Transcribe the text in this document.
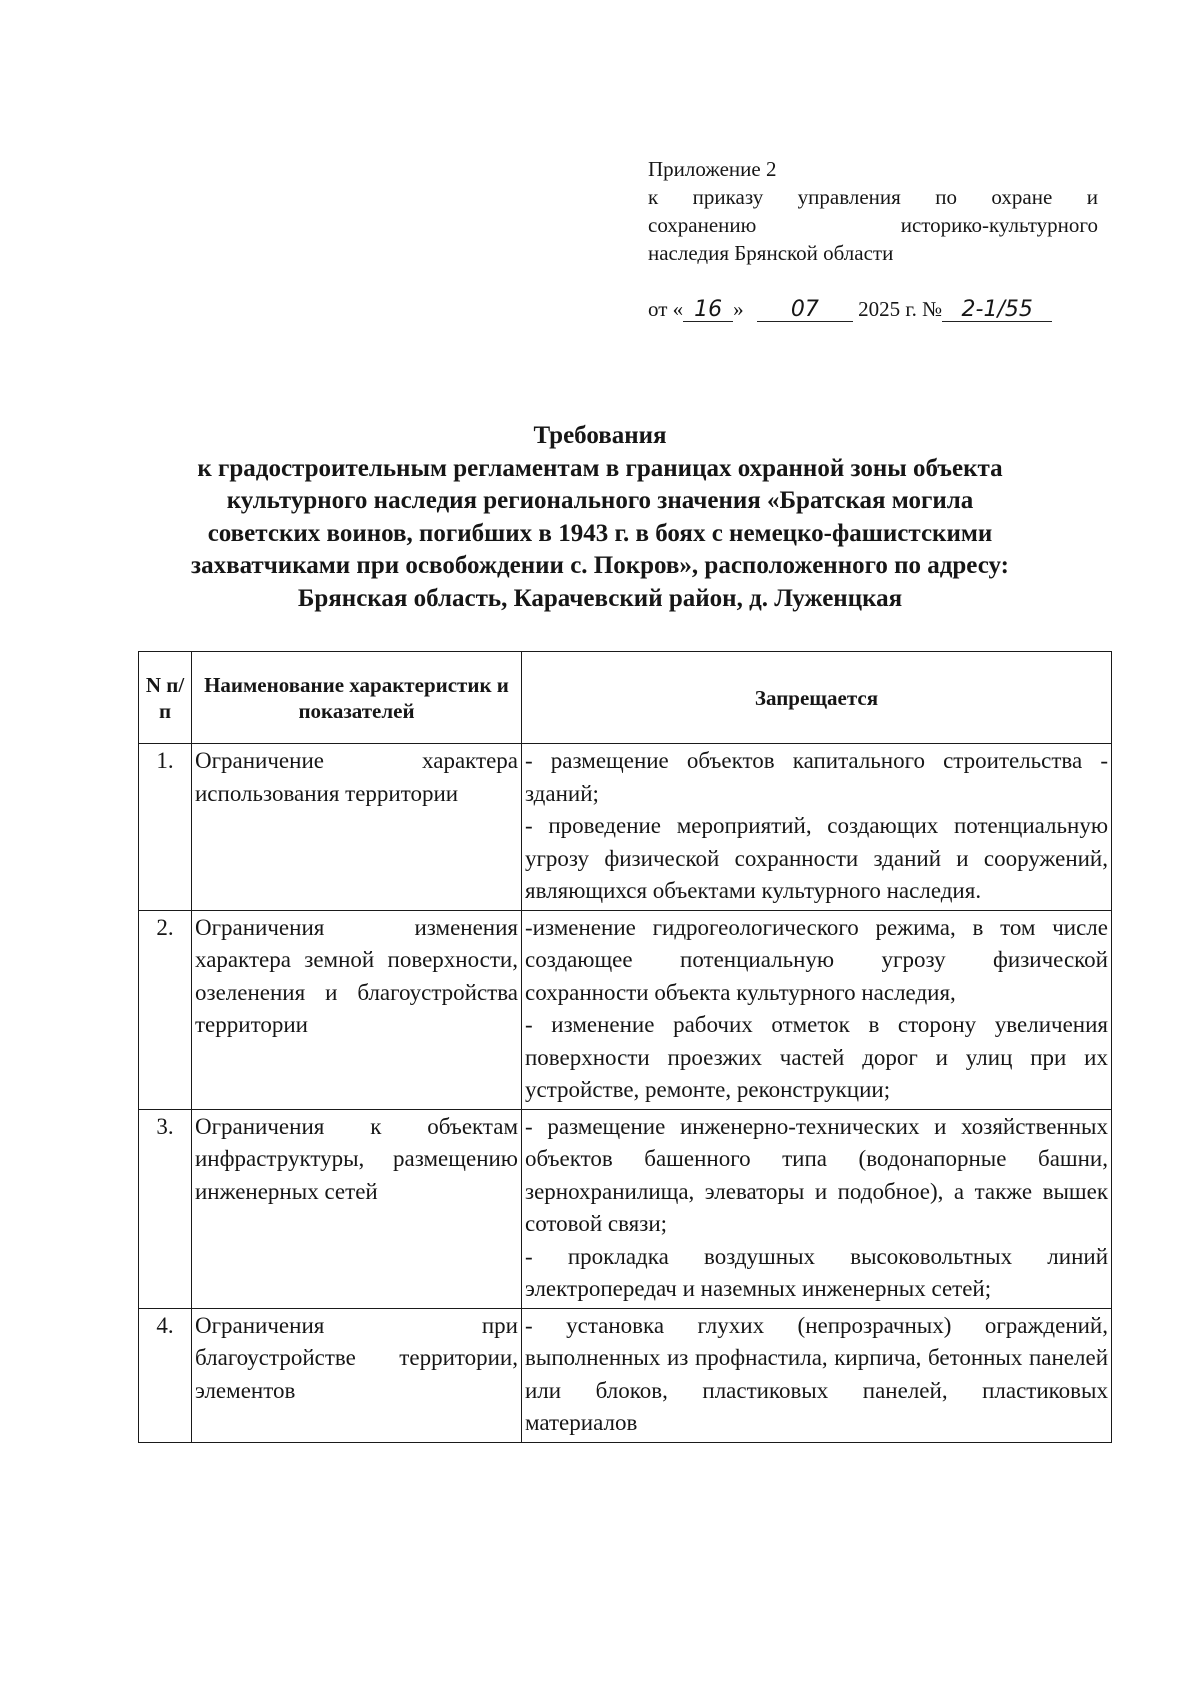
Приложение 2
к приказу управления по охране и
сохранению историко-культурного
наследия Брянской области
от « 16 » 07 2025 г. № 2-1/55
Требования
к градостроительным регламентам в границах охранной зоны объекта
культурного наследия регионального значения «Братская могила
советских воинов, погибших в 1943 г. в боях с немецко-фашистскими
захватчиками при освобождении с. Покров», расположенного по адресу:
Брянская область, Карачевский район, д. Луженцкая
N п/п	Наименование характеристик и показателей	Запрещается
1.	Ограничение характера использования территории	- размещение объектов капитального строительства - зданий;
- проведение мероприятий, создающих потенциальную угрозу физической сохранности зданий и сооружений, являющихся объектами культурного наследия.
2.	Ограничения изменения характера земной поверхности, озеленения и благоустройства территории	-изменение гидрогеологического режима, в том числе создающее потенциальную угрозу физической сохранности объекта культурного наследия,
- изменение рабочих отметок в сторону увеличения поверхности проезжих частей дорог и улиц при их устройстве, ремонте, реконструкции;
3.	Ограничения к объектам инфраструктуры, размещению инженерных сетей	- размещение инженерно-технических и хозяйственных объектов башенного типа (водонапорные башни, зернохранилища, элеваторы и подобное), а также вышек сотовой связи;
- прокладка воздушных высоковольтных линий электропередач и наземных инженерных сетей;
4.	Ограничения при благоустройстве территории, элементов	- установка глухих (непрозрачных) ограждений, выполненных из профнастила, кирпича, бетонных панелей или блоков, пластиковых панелей, пластиковых материалов
